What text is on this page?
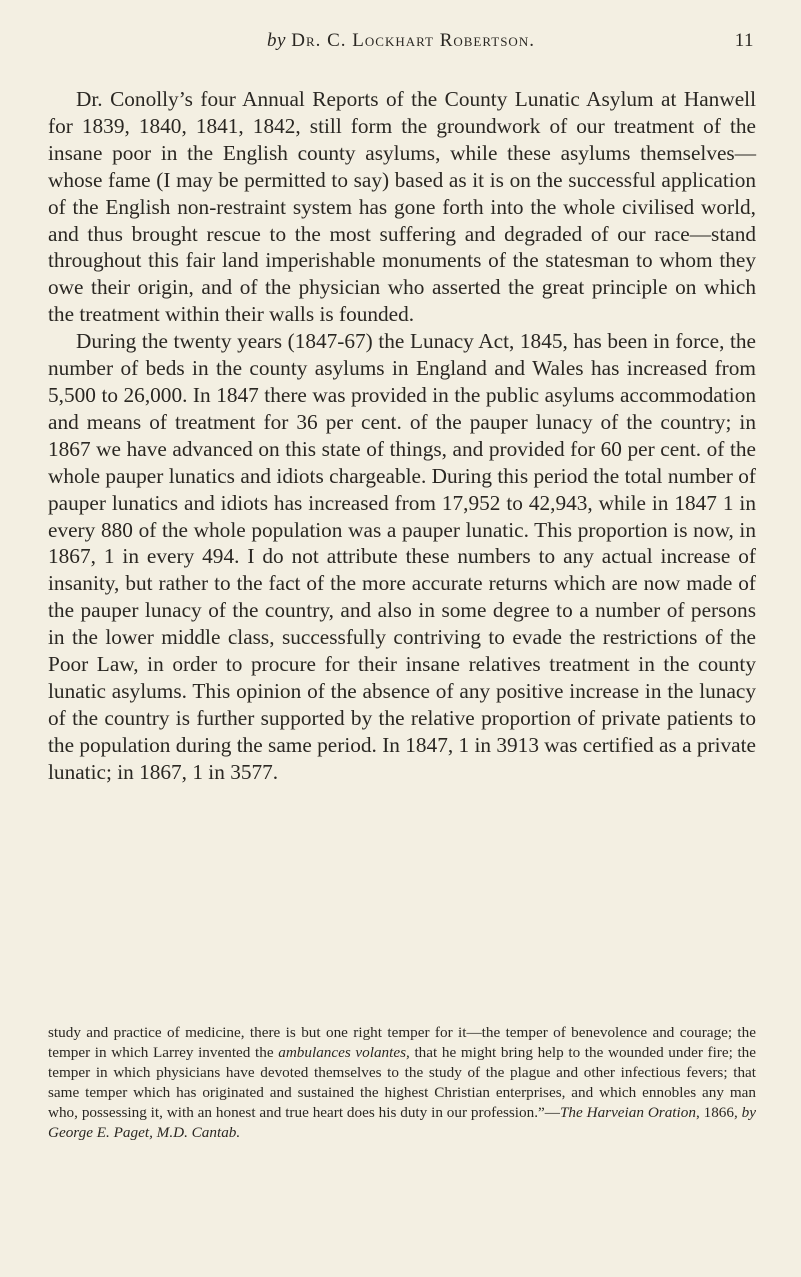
by Dr. C. Lockhart Robertson.	11

Dr. Conolly’s four Annual Reports of the County Lunatic Asylum at Hanwell for 1839, 1840, 1841, 1842, still form the groundwork of our treatment of the insane poor in the English county asylums, while these asylums themselves—whose fame (I may be permitted to say) based as it is on the successful application of the English non-restraint system has gone forth into the whole civilised world, and thus brought rescue to the most suffering and degraded of our race—stand throughout this fair land imperishable monuments of the statesman to whom they owe their origin, and of the physician who asserted the great principle on which the treatment within their walls is founded.

During the twenty years (1847-67) the Lunacy Act, 1845, has been in force, the number of beds in the county asylums in England and Wales has increased from 5,500 to 26,000. In 1847 there was provided in the public asylums accommodation and means of treatment for 36 per cent. of the pauper lunacy of the country; in 1867 we have advanced on this state of things, and provided for 60 per cent. of the whole pauper lunatics and idiots chargeable. During this period the total number of pauper lunatics and idiots has increased from 17,952 to 42,943, while in 1847 1 in every 880 of the whole population was a pauper lunatic. This proportion is now, in 1867, 1 in every 494. I do not attribute these numbers to any actual increase of insanity, but rather to the fact of the more accurate returns which are now made of the pauper lunacy of the country, and also in some degree to a number of persons in the lower middle class, successfully contriving to evade the restrictions of the Poor Law, in order to procure for their insane relatives treatment in the county lunatic asylums. This opinion of the absence of any positive increase in the lunacy of the country is further supported by the relative proportion of private patients to the population during the same period. In 1847, 1 in 3913 was certified as a private lunatic; in 1867, 1 in 3577.

study and practice of medicine, there is but one right temper for it—the temper of benevolence and courage; the temper in which Larrey invented the ambulances volantes, that he might bring help to the wounded under fire; the temper in which physicians have devoted themselves to the study of the plague and other infectious fevers; that same temper which has originated and sustained the highest Christian enterprises, and which ennobles any man who, possessing it, with an honest and true heart does his duty in our profession.”—The Harveian Oration, 1866, by George E. Paget, M.D. Cantab.
